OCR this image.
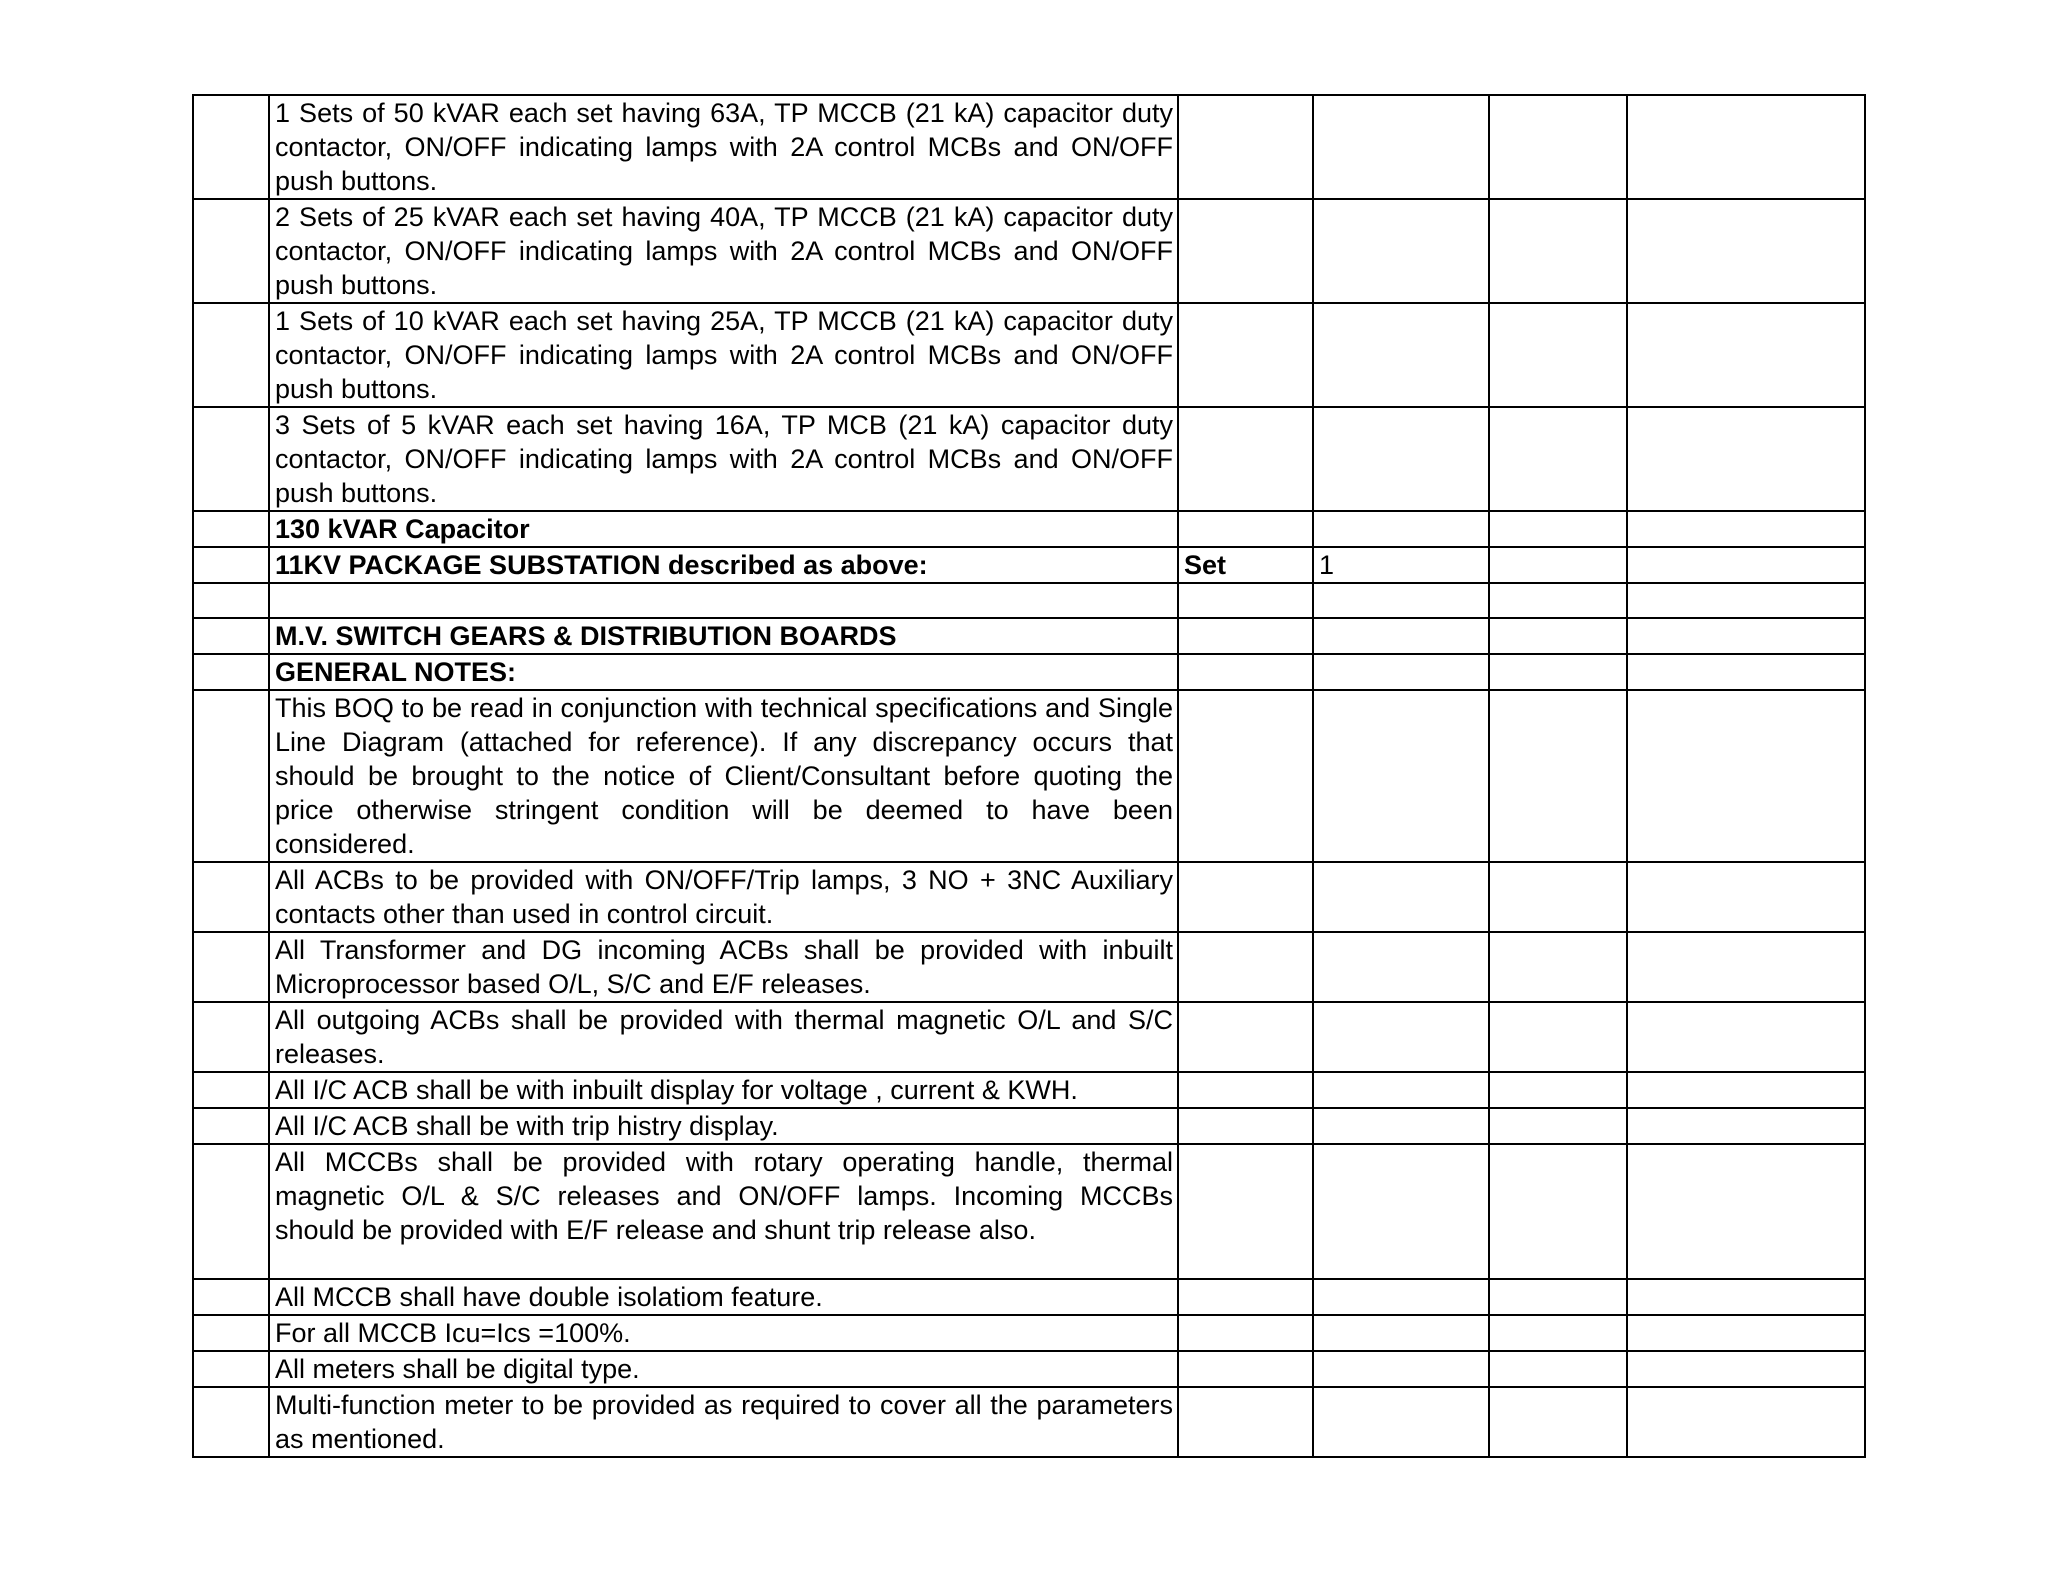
	1 Sets of 50 kVAR each set having 63A, TP MCCB (21 kA) capacitor duty contactor, ON/OFF indicating lamps with 2A control MCBs and ON/OFF push buttons.				
	2 Sets of 25 kVAR each set having 40A, TP MCCB (21 kA) capacitor duty contactor, ON/OFF indicating lamps with 2A control MCBs and ON/OFF push buttons.				
	1 Sets of 10 kVAR each set having 25A, TP MCCB (21 kA) capacitor duty contactor, ON/OFF indicating lamps with 2A control MCBs and ON/OFF push buttons.				
	3 Sets of 5 kVAR each set having 16A, TP MCB (21 kA) capacitor duty contactor, ON/OFF indicating lamps with 2A control MCBs and ON/OFF push buttons.				
	130 kVAR Capacitor				
	11KV PACKAGE SUBSTATION described as above:	Set	1		

	M.V. SWITCH GEARS & DISTRIBUTION BOARDS				
	GENERAL NOTES:				
	This BOQ to be read in conjunction with technical specifications and Single Line Diagram (attached for reference). If any discrepancy occurs that should be brought to the notice of Client/Consultant before quoting the price otherwise stringent condition will be deemed to have been considered.				
	All ACBs to be provided with ON/OFF/Trip lamps, 3 NO + 3NC Auxiliary contacts other than used in control circuit.				
	All Transformer and DG incoming ACBs shall be provided with inbuilt Microprocessor based O/L, S/C and E/F releases.				
	All outgoing ACBs shall be provided with thermal magnetic O/L and S/C releases.				
	All I/C ACB shall be with inbuilt display for voltage , current & KWH.				
	All I/C ACB shall be with trip histry display.				
	All MCCBs shall be provided with rotary operating handle, thermal magnetic O/L & S/C releases and ON/OFF lamps. Incoming MCCBs should be provided with E/F release and shunt trip release also.				
	All MCCB shall have double isolatiom feature.				
	For all MCCB Icu=Ics =100%.				
	All meters shall be digital type.				
	Multi-function meter to be provided as required to cover all the parameters as mentioned.				
